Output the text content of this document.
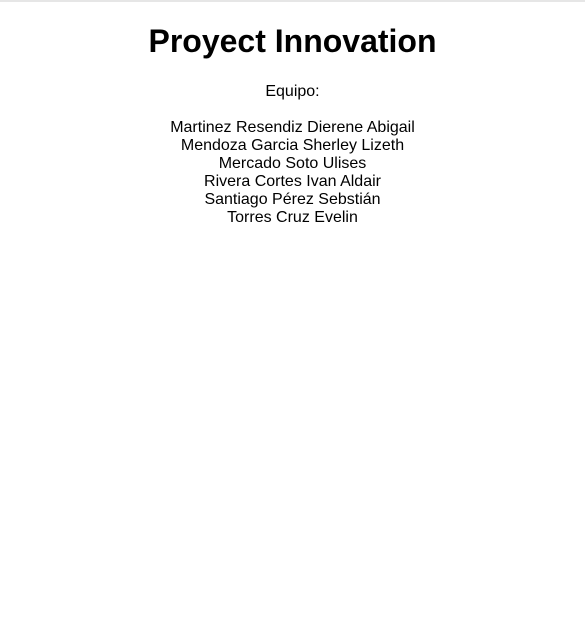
Proyect Innovation

Equipo:

Martinez Resendiz Dierene Abigail
Mendoza Garcia Sherley Lizeth
Mercado Soto Ulises
Rivera Cortes Ivan Aldair
Santiago Pérez Sebstián
Torres Cruz Evelin
